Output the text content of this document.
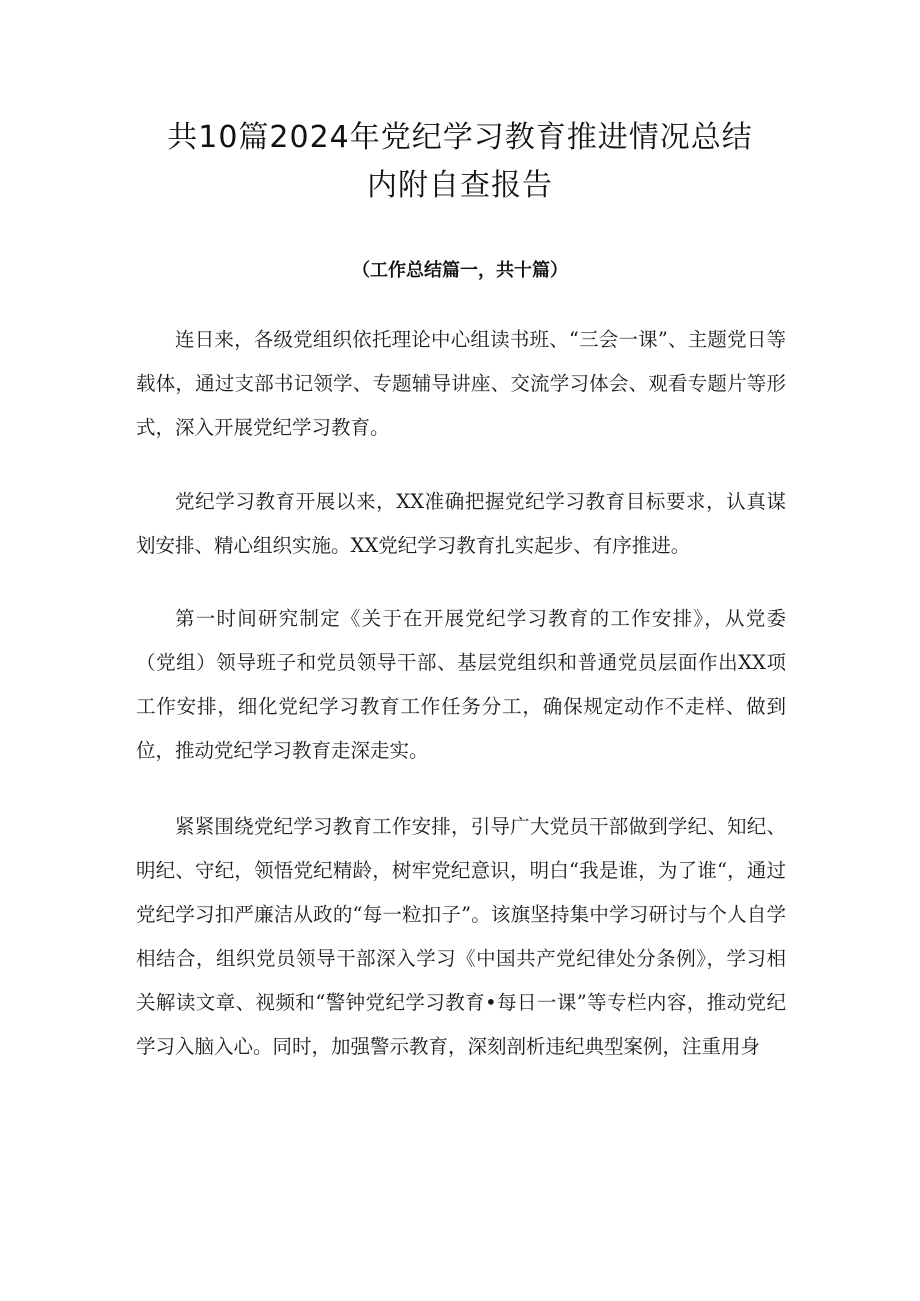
共10篇2024年党纪学习教育推进情况总结
内附自查报告

（工作总结篇一，共十篇）

连日来，各级党组织依托理论中心组读书班、“三会一课”、主题党日等载体，通过支部书记领学、专题辅导讲座、交流学习体会、观看专题片等形式，深入开展党纪学习教育。

党纪学习教育开展以来，XX准确把握党纪学习教育目标要求，认真谋划安排、精心组织实施。XX党纪学习教育扎实起步、有序推进。

第一时间研究制定《关于在开展党纪学习教育的工作安排》，从党委（党组）领导班子和党员领导干部、基层党组织和普通党员层面作出XX项工作安排，细化党纪学习教育工作任务分工，确保规定动作不走样、做到位，推动党纪学习教育走深走实。

紧紧围绕党纪学习教育工作安排，引导广大党员干部做到学纪、知纪、明纪、守纪，领悟党纪精龄，树牢党纪意识，明白“我是谁，为了谁“，通过党纪学习扣严廉洁从政的“每一粒扣子”。该旗坚持集中学习研讨与个人自学相结合，组织党员领导干部深入学习《中国共产党纪律处分条例》，学习相关解读文章、视频和“警钟党纪学习教育•每日一课”等专栏内容，推动党纪学习入脑入心。同时，加强警示教育，深刻剖析违纪典型案例，注重用身
